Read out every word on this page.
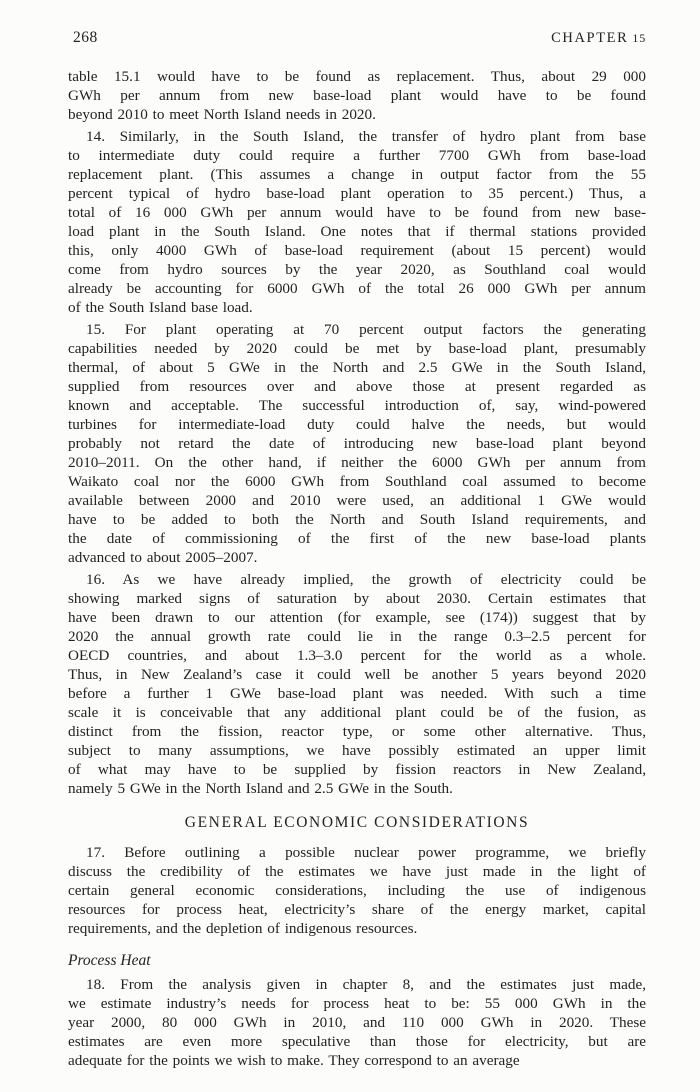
268	CHAPTER 15
table 15.1 would have to be found as replacement. Thus, about 29 000
GWh per annum from new base-load plant would have to be found
beyond 2010 to meet North Island needs in 2020.
14. Similarly, in the South Island, the transfer of hydro plant from base
to intermediate duty could require a further 7700 GWh from base-load
replacement plant. (This assumes a change in output factor from the 55
percent typical of hydro base-load plant operation to 35 percent.) Thus, a
total of 16 000 GWh per annum would have to be found from new base-
load plant in the South Island. One notes that if thermal stations provided
this, only 4000 GWh of base-load requirement (about 15 percent) would
come from hydro sources by the year 2020, as Southland coal would
already be accounting for 6000 GWh of the total 26 000 GWh per annum
of the South Island base load.
15. For plant operating at 70 percent output factors the generating
capabilities needed by 2020 could be met by base-load plant, presumably
thermal, of about 5 GWe in the North and 2.5 GWe in the South Island,
supplied from resources over and above those at present regarded as
known and acceptable. The successful introduction of, say, wind-powered
turbines for intermediate-load duty could halve the needs, but would
probably not retard the date of introducing new base-load plant beyond
2010–2011. On the other hand, if neither the 6000 GWh per annum from
Waikato coal nor the 6000 GWh from Southland coal assumed to become
available between 2000 and 2010 were used, an additional 1 GWe would
have to be added to both the North and South Island requirements, and
the date of commissioning of the first of the new base-load plants
advanced to about 2005–2007.
16. As we have already implied, the growth of electricity could be
showing marked signs of saturation by about 2030. Certain estimates that
have been drawn to our attention (for example, see (174)) suggest that by
2020 the annual growth rate could lie in the range 0.3–2.5 percent for
OECD countries, and about 1.3–3.0 percent for the world as a whole.
Thus, in New Zealand’s case it could well be another 5 years beyond 2020
before a further 1 GWe base-load plant was needed. With such a time
scale it is conceivable that any additional plant could be of the fusion, as
distinct from the fission, reactor type, or some other alternative. Thus,
subject to many assumptions, we have possibly estimated an upper limit
of what may have to be supplied by fission reactors in New Zealand,
namely 5 GWe in the North Island and 2.5 GWe in the South.
GENERAL ECONOMIC CONSIDERATIONS
17. Before outlining a possible nuclear power programme, we briefly
discuss the credibility of the estimates we have just made in the light of
certain general economic considerations, including the use of indigenous
resources for process heat, electricity’s share of the energy market, capital
requirements, and the depletion of indigenous resources.
Process Heat
18. From the analysis given in chapter 8, and the estimates just made,
we estimate industry’s needs for process heat to be: 55 000 GWh in the
year 2000, 80 000 GWh in 2010, and 110 000 GWh in 2020. These
estimates are even more speculative than those for electricity, but are
adequate for the points we wish to make. They correspond to an average
